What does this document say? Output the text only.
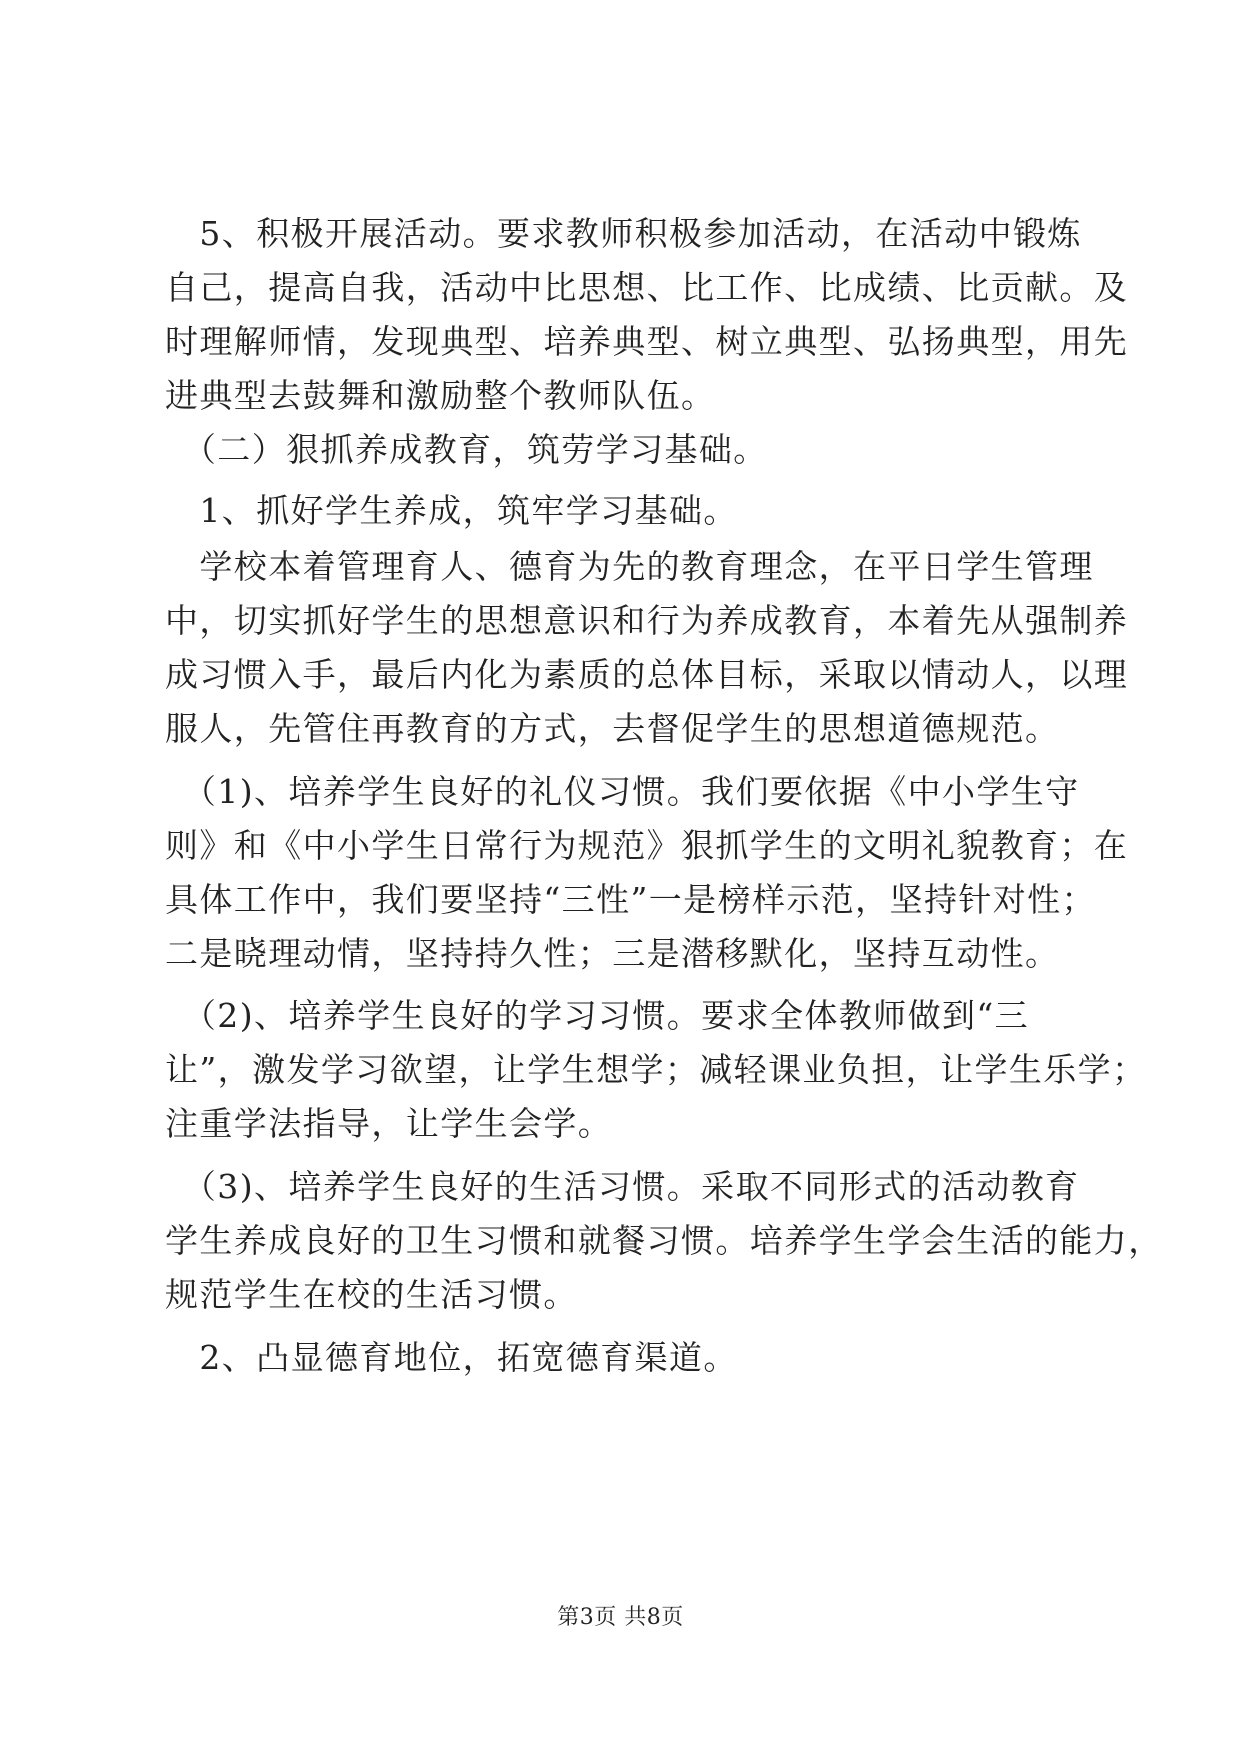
　5、积极开展活动。要求教师积极参加活动，在活动中锻炼
自己，提高自我，活动中比思想、比工作、比成绩、比贡献。及
时理解师情，发现典型、培养典型、树立典型、弘扬典型，用先
进典型去鼓舞和激励整个教师队伍。
　（二）狠抓养成教育，筑劳学习基础。
　1、抓好学生养成，筑牢学习基础。
　学校本着管理育人、德育为先的教育理念，在平日学生管理
中，切实抓好学生的思想意识和行为养成教育，本着先从强制养
成习惯入手，最后内化为素质的总体目标，采取以情动人，以理
服人，先管住再教育的方式，去督促学生的思想道德规范。
　（1)、培养学生良好的礼仪习惯。我们要依据《中小学生守
则》和《中小学生日常行为规范》狠抓学生的文明礼貌教育；在
具体工作中，我们要坚持“三性”一是榜样示范，坚持针对性；
二是晓理动情，坚持持久性；三是潜移默化，坚持互动性。
　（2)、培养学生良好的学习习惯。要求全体教师做到“三
让”，激发学习欲望，让学生想学；减轻课业负担，让学生乐学；
注重学法指导，让学生会学。
　（3)、培养学生良好的生活习惯。采取不同形式的活动教育
学生养成良好的卫生习惯和就餐习惯。培养学生学会生活的能力，
规范学生在校的生活习惯。
　2、凸显德育地位，拓宽德育渠道。
第3页 共8页
